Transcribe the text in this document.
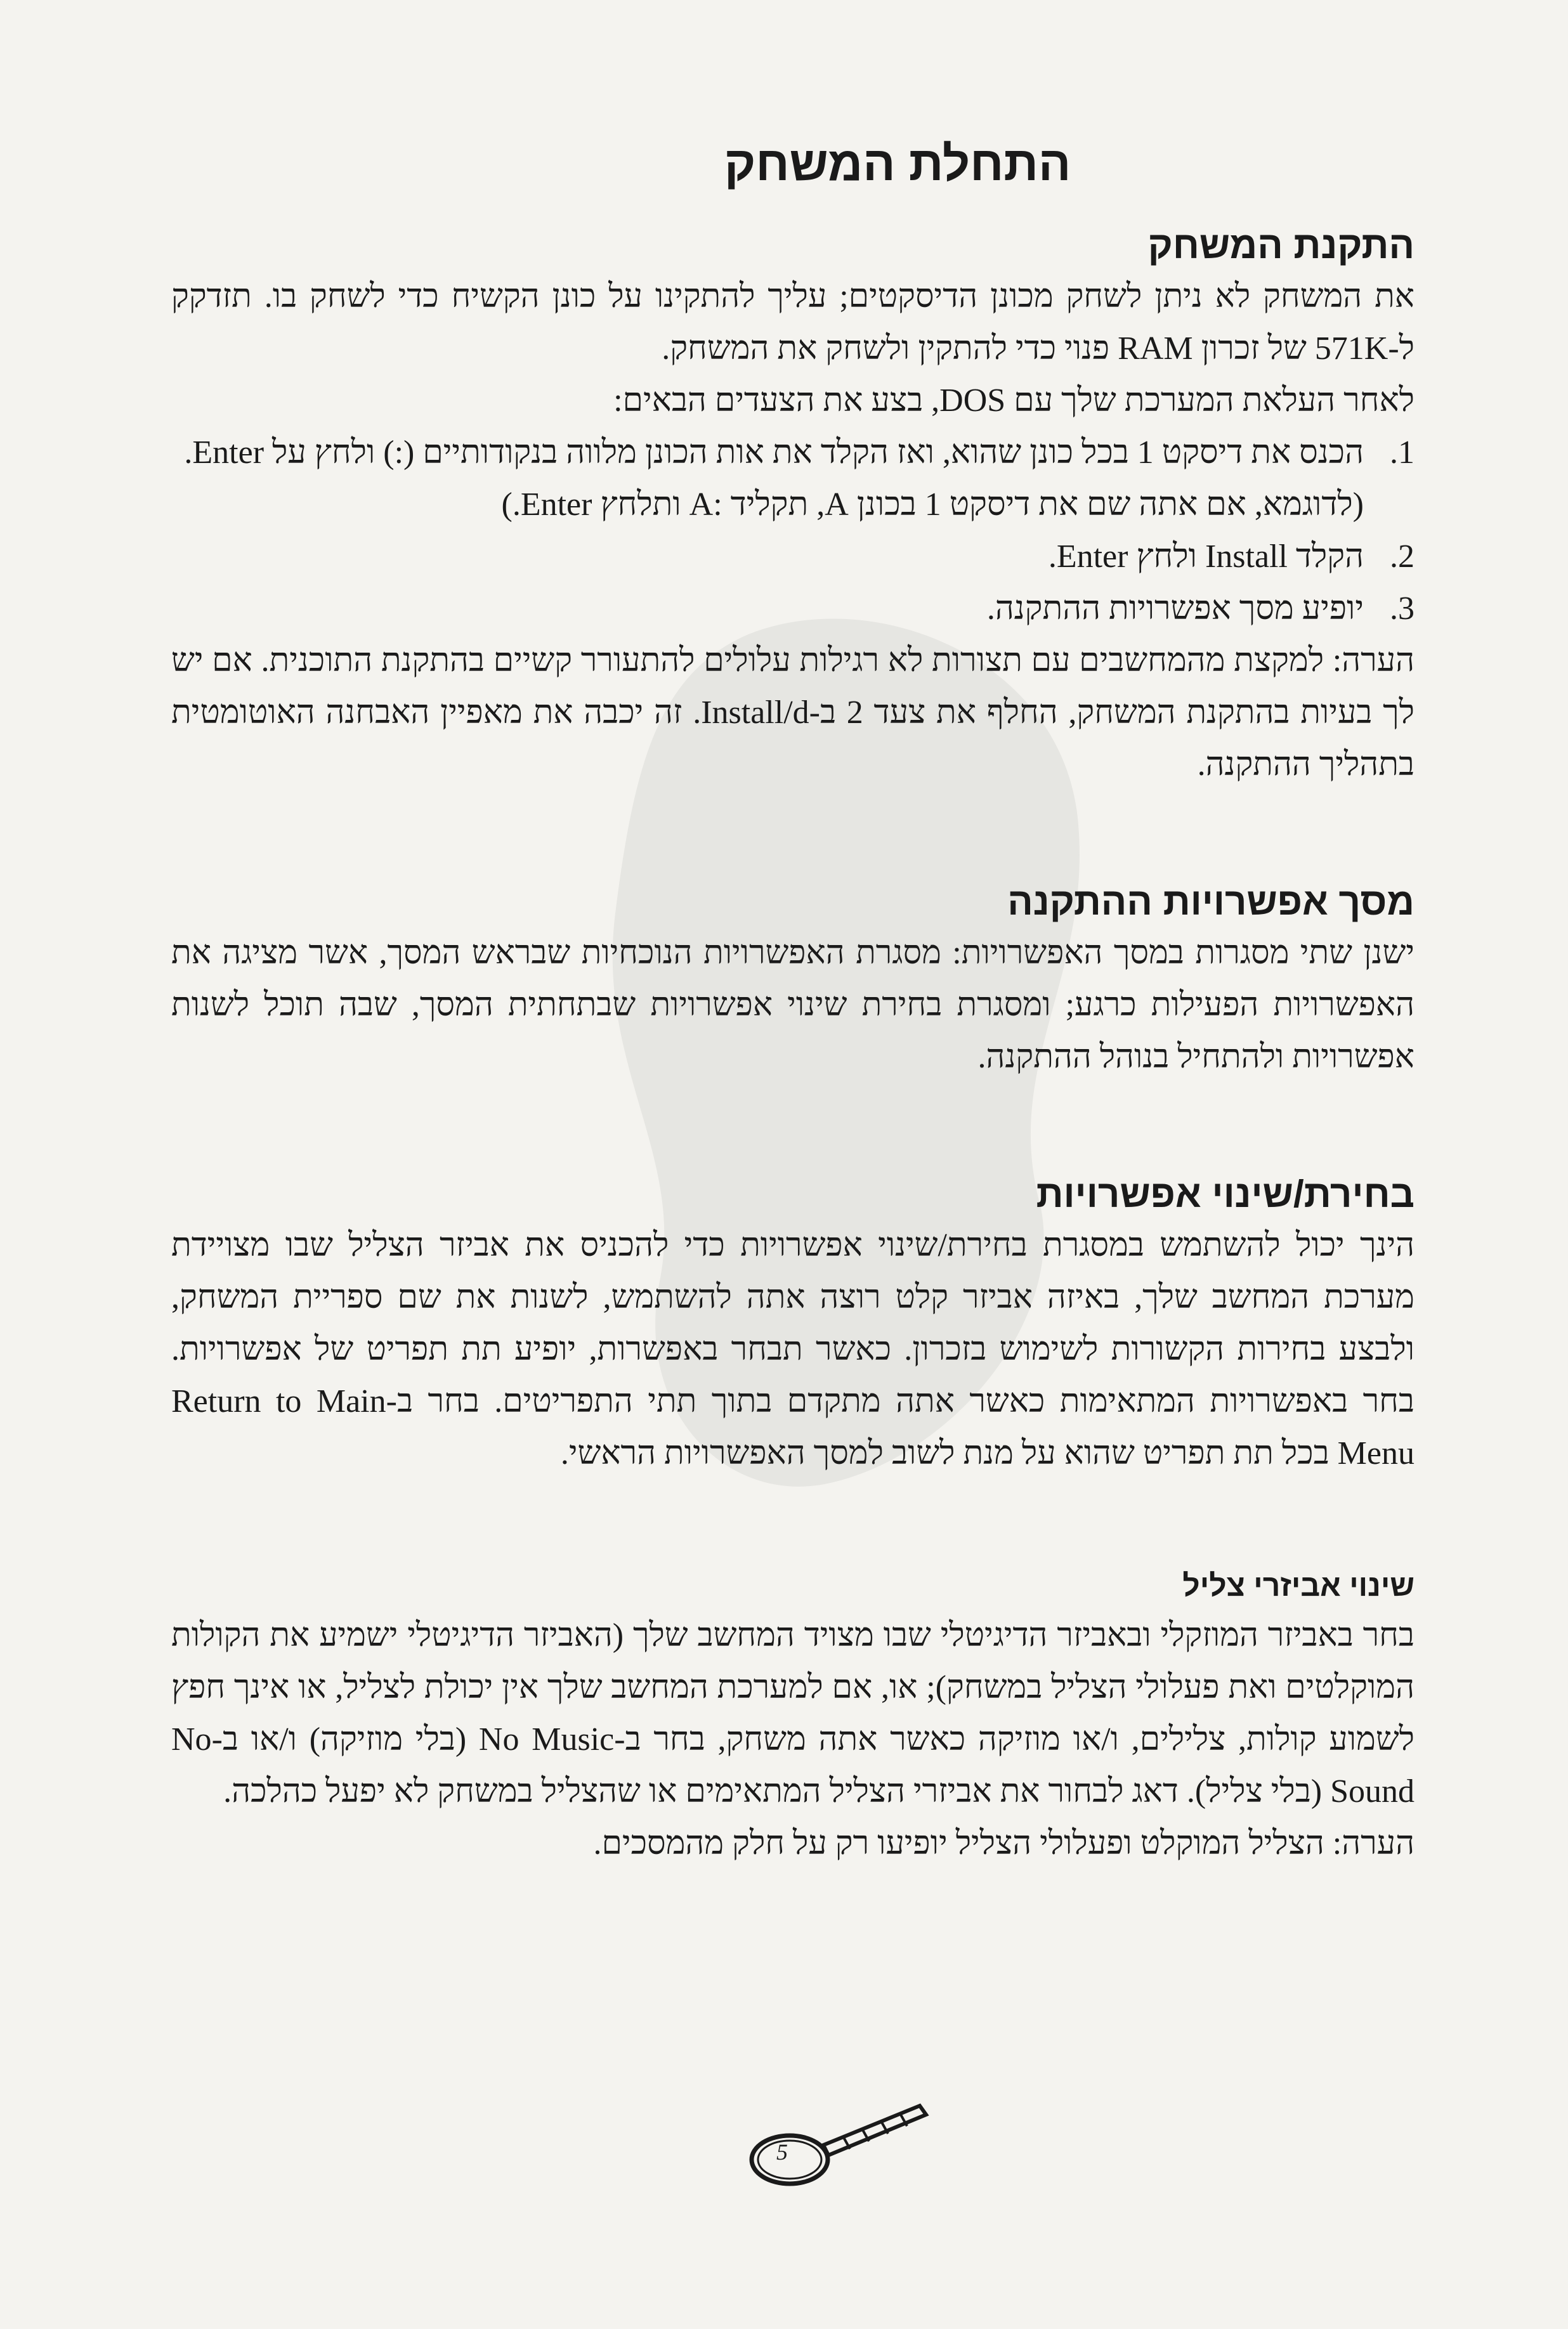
התחלת המשחק
התקנת המשחק

את המשחק לא ניתן לשחק מכונן הדיסקטים; עליך להתקינו על כונן הקשיח כדי לשחק בו. תזדקק ל-571K של זכרון RAM פנוי כדי להתקין ולשחק את המשחק.

לאחר העלאת המערכת שלך עם DOS, בצע את הצעדים הבאים:

1.
הכנס את דיסקט 1 בכל כונן שהוא, ואז הקלד את אות הכונן מלווה בנקודותיים (:) ולחץ על Enter. (לדוגמא, אם אתה שם את דיסקט 1 בכונן A, תקליד :A ותלחץ Enter.)
2.
הקלד Install ולחץ Enter.
3.
יופיע מסך אפשרויות ההתקנה.

הערה: למקצת מהמחשבים עם תצורות לא רגילות עלולים להתעורר קשיים בהתקנת התוכנית. אם יש לך בעיות בהתקנת המשחק, החלף את צעד 2 ב-Install/d. זה יכבה את מאפיין האבחנה האוטומטית בתהליך ההתקנה.

מסך אפשרויות ההתקנה

ישנן שתי מסגרות במסך האפשרויות: מסגרת האפשרויות הנוכחיות שבראש המסך, אשר מציגה את האפשרויות הפעילות כרגע; ומסגרת בחירת שינוי אפשרויות שבתחתית המסך, שבה תוכל לשנות אפשרויות ולהתחיל בנוהל ההתקנה.

בחירת/שינוי אפשרויות

הינך יכול להשתמש במסגרת בחירת/שינוי אפשרויות כדי להכניס את אביזר הצליל שבו מצויידת מערכת המחשב שלך, באיזה אביזר קלט רוצה אתה להשתמש, לשנות את שם ספריית המשחק, ולבצע בחירות הקשורות לשימוש בזכרון. כאשר תבחר באפשרות, יופיע תת תפריט של אפשרויות. בחר באפשרויות המתאימות כאשר אתה מתקדם בתוך תתי התפריטים. בחר ב-Return to Main Menu בכל תת תפריט שהוא על מנת לשוב למסך האפשרויות הראשי.

שינוי אביזרי צליל

בחר באביזר המוזקלי ובאביזר הדיגיטלי שבו מצויד המחשב שלך (האביזר הדיגיטלי ישמיע את הקולות המוקלטים ואת פעלולי הצליל במשחק); או, אם למערכת המחשב שלך אין יכולת לצליל, או אינך חפץ לשמוע קולות, צלילים, ו/או מוזיקה כאשר אתה משחק, בחר ב-No Music (בלי מוזיקה) ו/או ב-No Sound (בלי צליל). דאג לבחור את אביזרי הצליל המתאימים או שהצליל במשחק לא יפעל כהלכה.

הערה: הצליל המוקלט ופעלולי הצליל יופיעו רק על חלק מהמסכים.

5
